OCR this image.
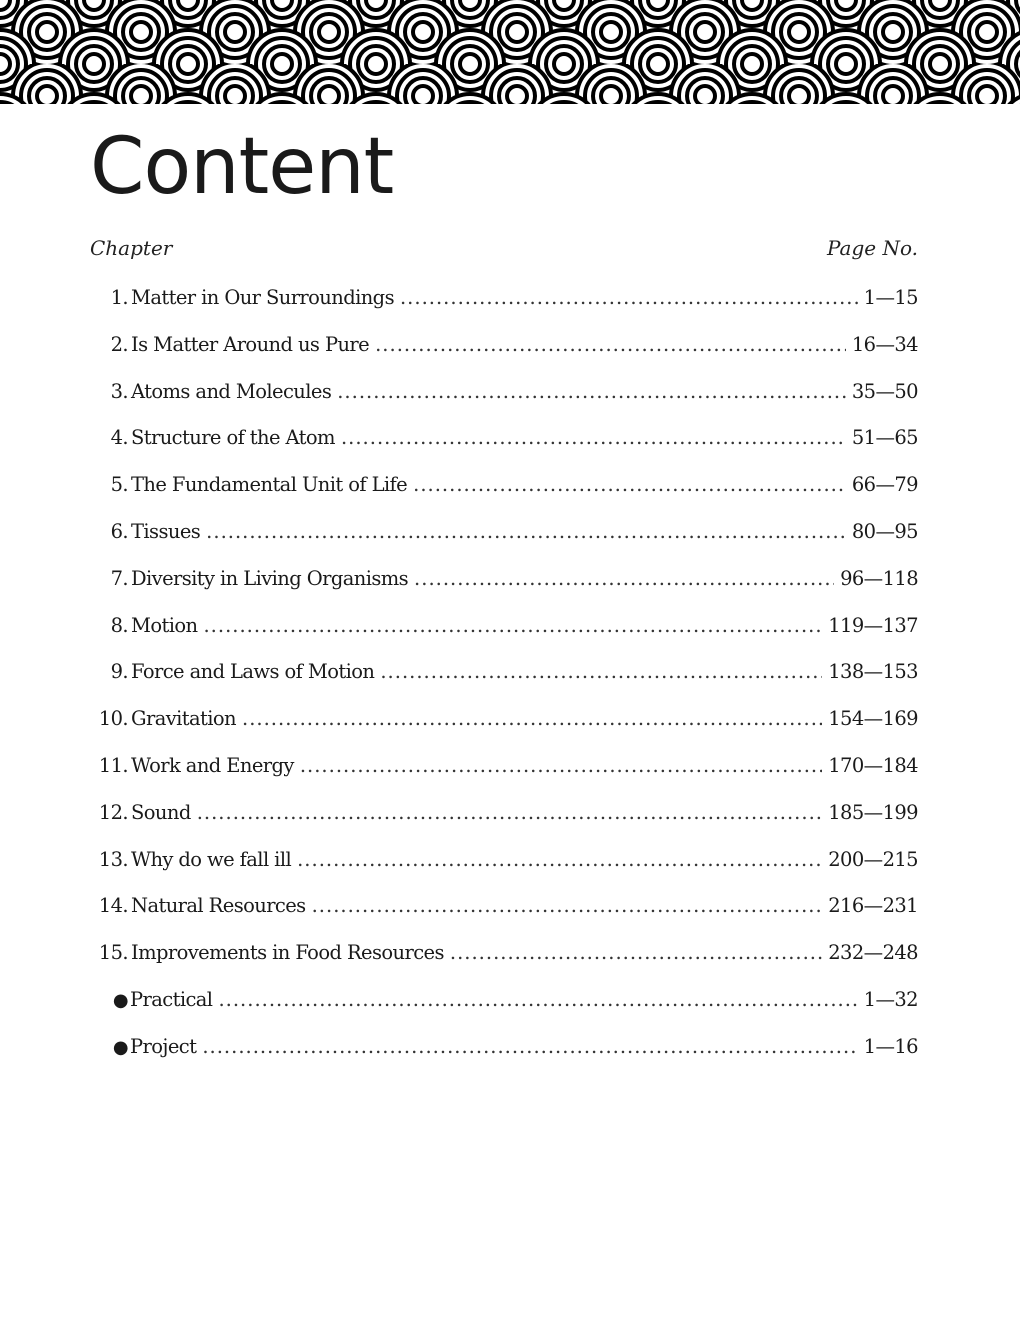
Content
Chapter	Page No.
1. Matter in Our Surroundings .....	1—15
2. Is Matter Around us Pure .....	16—34
3. Atoms and Molecules .....	35—50
4. Structure of the Atom .....	51—65
5. The Fundamental Unit of Life .....	66—79
6. Tissues .....	80—95
7. Diversity in Living Organisms .....	96—118
8. Motion .....	119—137
9. Force and Laws of Motion .....	138—153
10. Gravitation .....	154—169
11. Work and Energy .....	170—184
12. Sound .....	185—199
13. Why do we fall ill .....	200—215
14. Natural Resources .....	216—231
15. Improvements in Food Resources .....	232—248
● Practical .....	1—32
● Project .....	1—16
